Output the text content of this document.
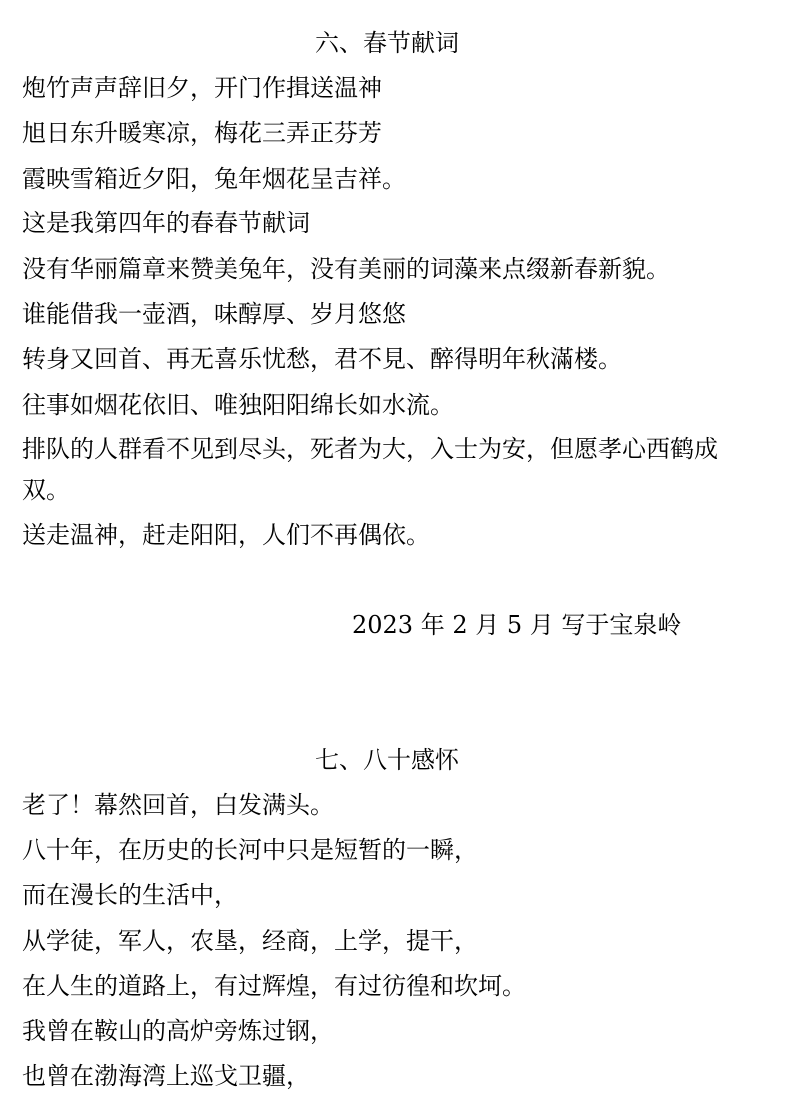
六、春节献词
炮竹声声辞旧夕，开门作揖送温神
旭日东升暖寒凉，梅花三弄正芬芳
霞映雪箱近夕阳，兔年烟花呈吉祥。
这是我第四年的春春节献词
没有华丽篇章来赞美兔年，没有美丽的词藻来点缀新春新貌。
谁能借我一壶酒，味醇厚、岁月悠悠
转身又回首、再无喜乐忧愁，君不見、醉得明年秋滿楼。
往事如烟花依旧、唯独阳阳绵长如水流。
排队的人群看不见到尽头，死者为大，入士为安，但愿孝心西鹤成
双。
送走温神，赶走阳阳，人们不再偶依。
2023 年 2 月 5 月 写于宝泉岭
七、八十感怀
老了！幕然回首，白发满头。
八十年，在历史的长河中只是短暂的一瞬，
而在漫长的生活中，
从学徒，军人，农垦，经商，上学，提干，
在人生的道路上，有过辉煌，有过彷徨和坎坷。
我曾在鞍山的高炉旁炼过钢，
也曾在渤海湾上巡戈卫疆，
